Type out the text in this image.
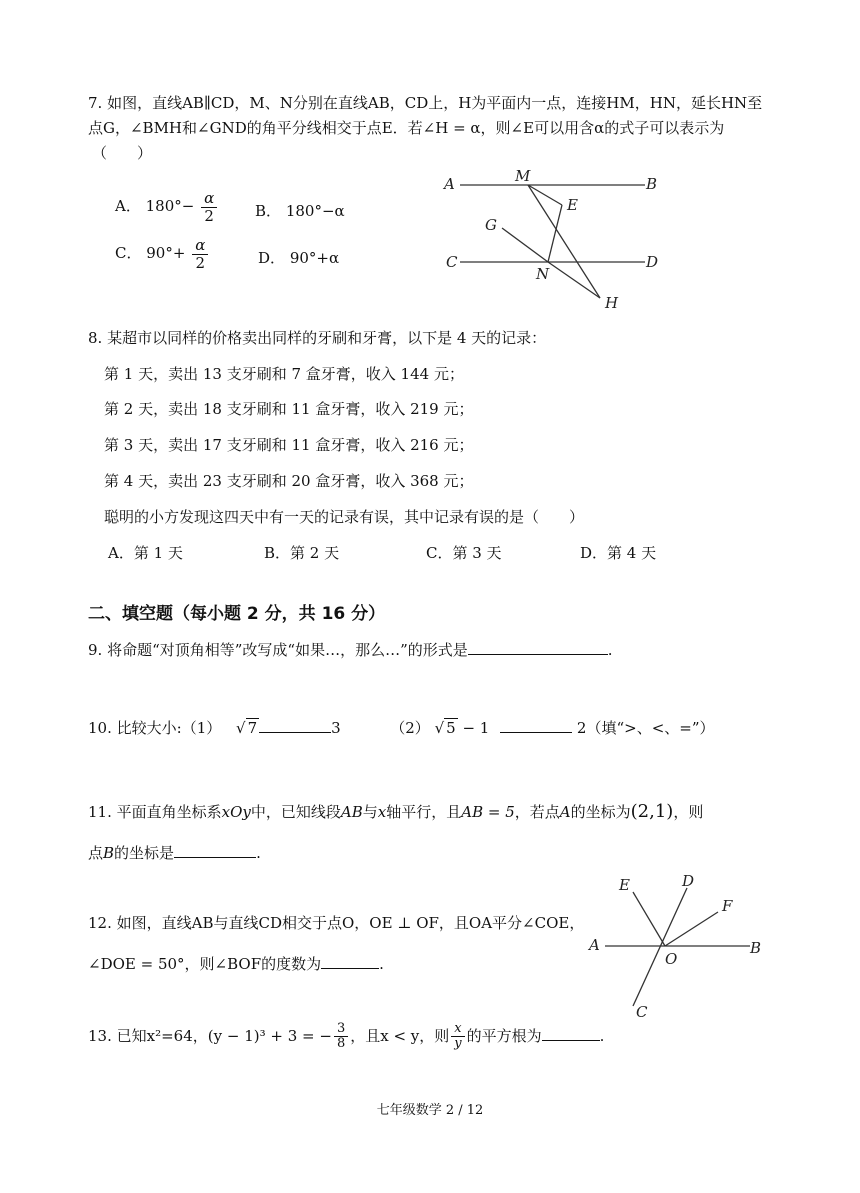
7. 如图，直线AB∥CD，M、N分别在直线AB，CD上，H为平面内一点，连接HM，HN，延长HN至
点G，∠BMH和∠GND的角平分线相交于点E．若∠H = α，则∠E可以用含α的式子可以表示为
（　　）
A． $180^\circ- \frac{\alpha}{2}$	B． 180°−α
C． $90^\circ+ \frac{\alpha}{2}$	D． 90°+α
A	M	B
E
G
C
N
D
H
8. 某超市以同样的价格卖出同样的牙刷和牙膏，以下是 4 天的记录：
第 1 天，卖出 13 支牙刷和 7 盒牙膏，收入 144 元；
第 2 天，卖出 18 支牙刷和 11 盒牙膏，收入 219 元；
第 3 天，卖出 17 支牙刷和 11 盒牙膏，收入 216 元；
第 4 天，卖出 23 支牙刷和 20 盒牙膏，收入 368 元；
聪明的小方发现这四天中有一天的记录有误，其中记录有误的是（　　）
A．第 1 天	B．第 2 天	C．第 3 天	D．第 4 天
二、填空题（每小题 2 分，共 16 分）
9. 将命题“对顶角相等”改写成“如果…，那么…”的形式是	.
10. 比较大小:（1） √ 7	3	（2） √ 5 − 1	2（填“>、<、=”）
11. 平面直角坐标系xOy中，已知线段AB与x轴平行，且AB = 5，若点A的坐标为(2,1)，则
点B的坐标是	.
12. 如图，直线AB与直线CD相交于点O，OE ⊥ OF，且OA平分∠COE，
∠DOE = 50°，则∠BOF的度数为	.
E	D
F
A
O
B
C
13. 已知x²=64，(y − 1)³ + 3 = − $\frac{3}{8}$ ，且x < y，则 $\frac{x}{y}$ 的平方根为	.
七年级数学 2 / 12
